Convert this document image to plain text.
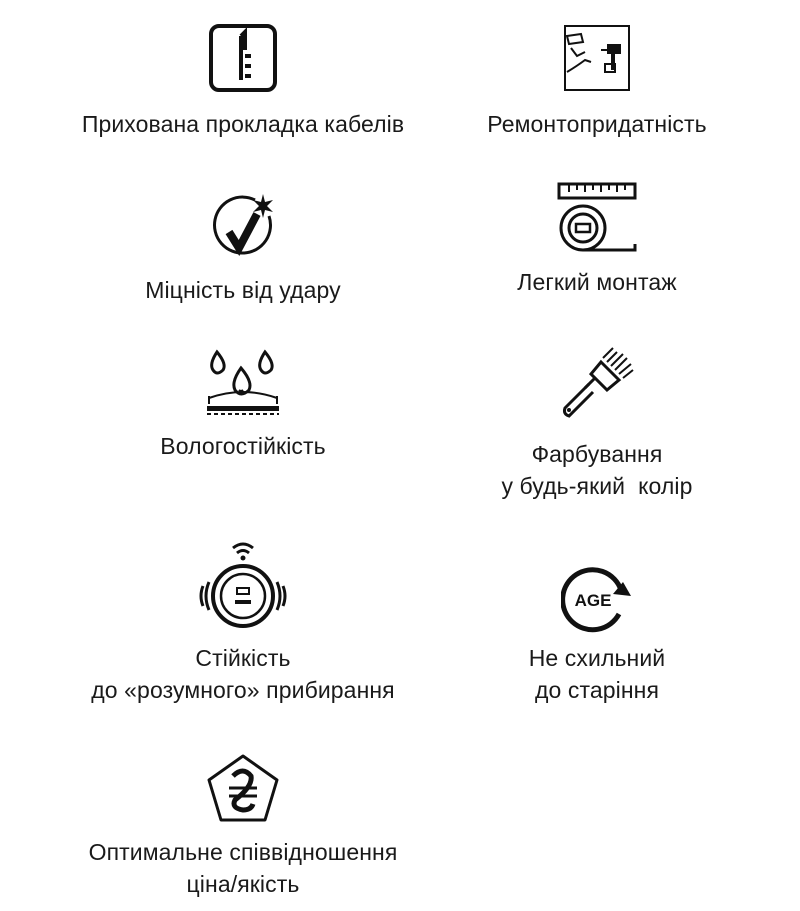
Прихована прокладка кабелів	Ремонтопридатність
Міцність від удару	Легкий монтаж
Вологостійкість	Фарбування
у будь-який  колір
Стійкість
до «розумного» прибирання
AGE
Не схильний
до старіння
Оптимальне співвідношення
ціна/якість
